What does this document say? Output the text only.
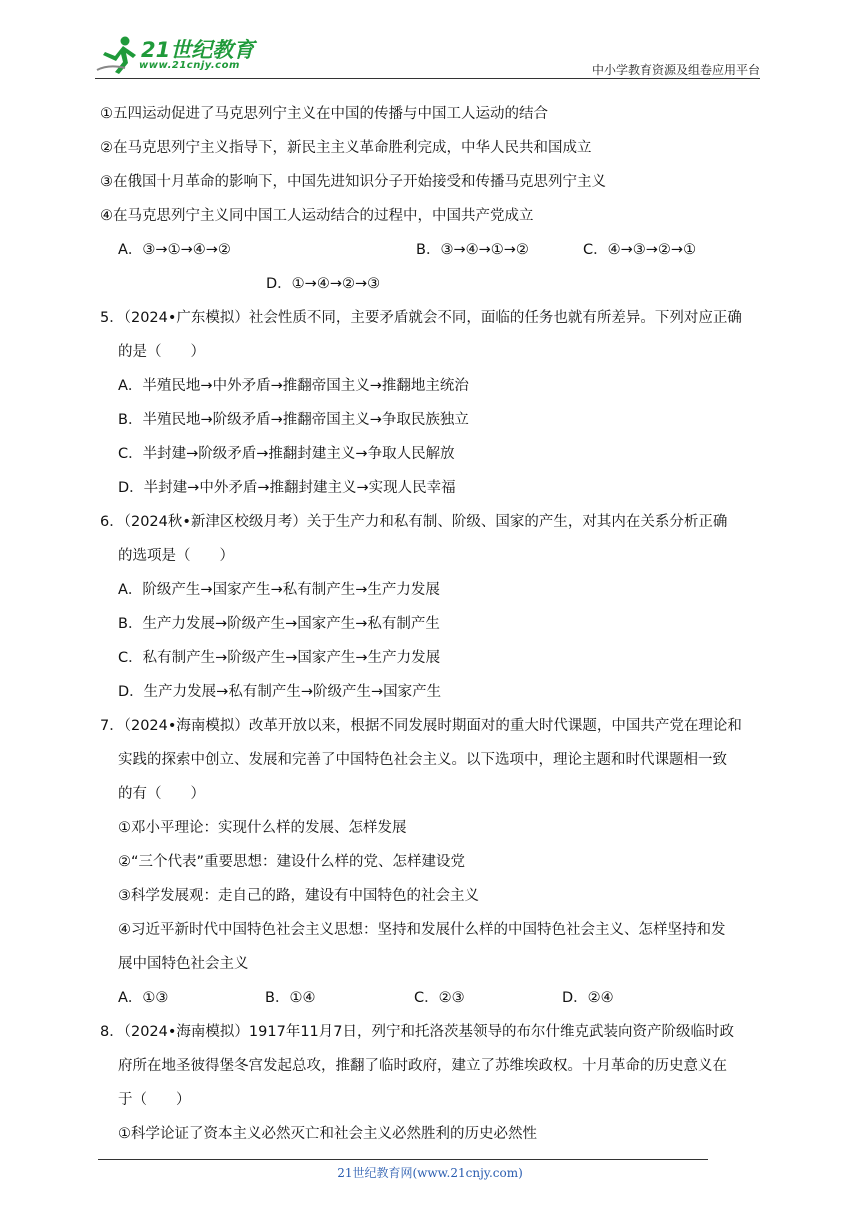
21世纪教育
www.21cnjy.com	中小学教育资源及组卷应用平台
①五四运动促进了马克思列宁主义在中国的传播与中国工人运动的结合
②在马克思列宁主义指导下，新民主主义革命胜利完成，中华人民共和国成立
③在俄国十月革命的影响下，中国先进知识分子开始接受和传播马克思列宁主义
④在马克思列宁主义同中国工人运动结合的过程中，中国共产党成立
A．③→①→④→②	B．③→④→①→②	C．④→③→②→①
D．①→④→②→③
5．（2024•广东模拟）社会性质不同，主要矛盾就会不同，面临的任务也就有所差异。下列对应正确
的是（　　）
A．半殖民地→中外矛盾→推翻帝国主义→推翻地主统治
B．半殖民地→阶级矛盾→推翻帝国主义→争取民族独立
C．半封建→阶级矛盾→推翻封建主义→争取人民解放
D．半封建→中外矛盾→推翻封建主义→实现人民幸福
6．（2024秋•新津区校级月考）关于生产力和私有制、阶级、国家的产生，对其内在关系分析正确
的选项是（　　）
A．阶级产生→国家产生→私有制产生→生产力发展
B．生产力发展→阶级产生→国家产生→私有制产生
C．私有制产生→阶级产生→国家产生→生产力发展
D．生产力发展→私有制产生→阶级产生→国家产生
7．（2024•海南模拟）改革开放以来，根据不同发展时期面对的重大时代课题，中国共产党在理论和
实践的探索中创立、发展和完善了中国特色社会主义。以下选项中，理论主题和时代课题相一致
的有（　　）
①邓小平理论：实现什么样的发展、怎样发展
②“三个代表”重要思想：建设什么样的党、怎样建设党
③科学发展观：走自己的路，建设有中国特色的社会主义
④习近平新时代中国特色社会主义思想：坚持和发展什么样的中国特色社会主义、怎样坚持和发
展中国特色社会主义
A．①③	B．①④	C．②③	D．②④
8．（2024•海南模拟）1917年11月7日，列宁和托洛茨基领导的布尔什维克武装向资产阶级临时政
府所在地圣彼得堡冬宫发起总攻，推翻了临时政府，建立了苏维埃政权。十月革命的历史意义在
于（　　）
①科学论证了资本主义必然灭亡和社会主义必然胜利的历史必然性
21世纪教育网(www.21cnjy.com)
